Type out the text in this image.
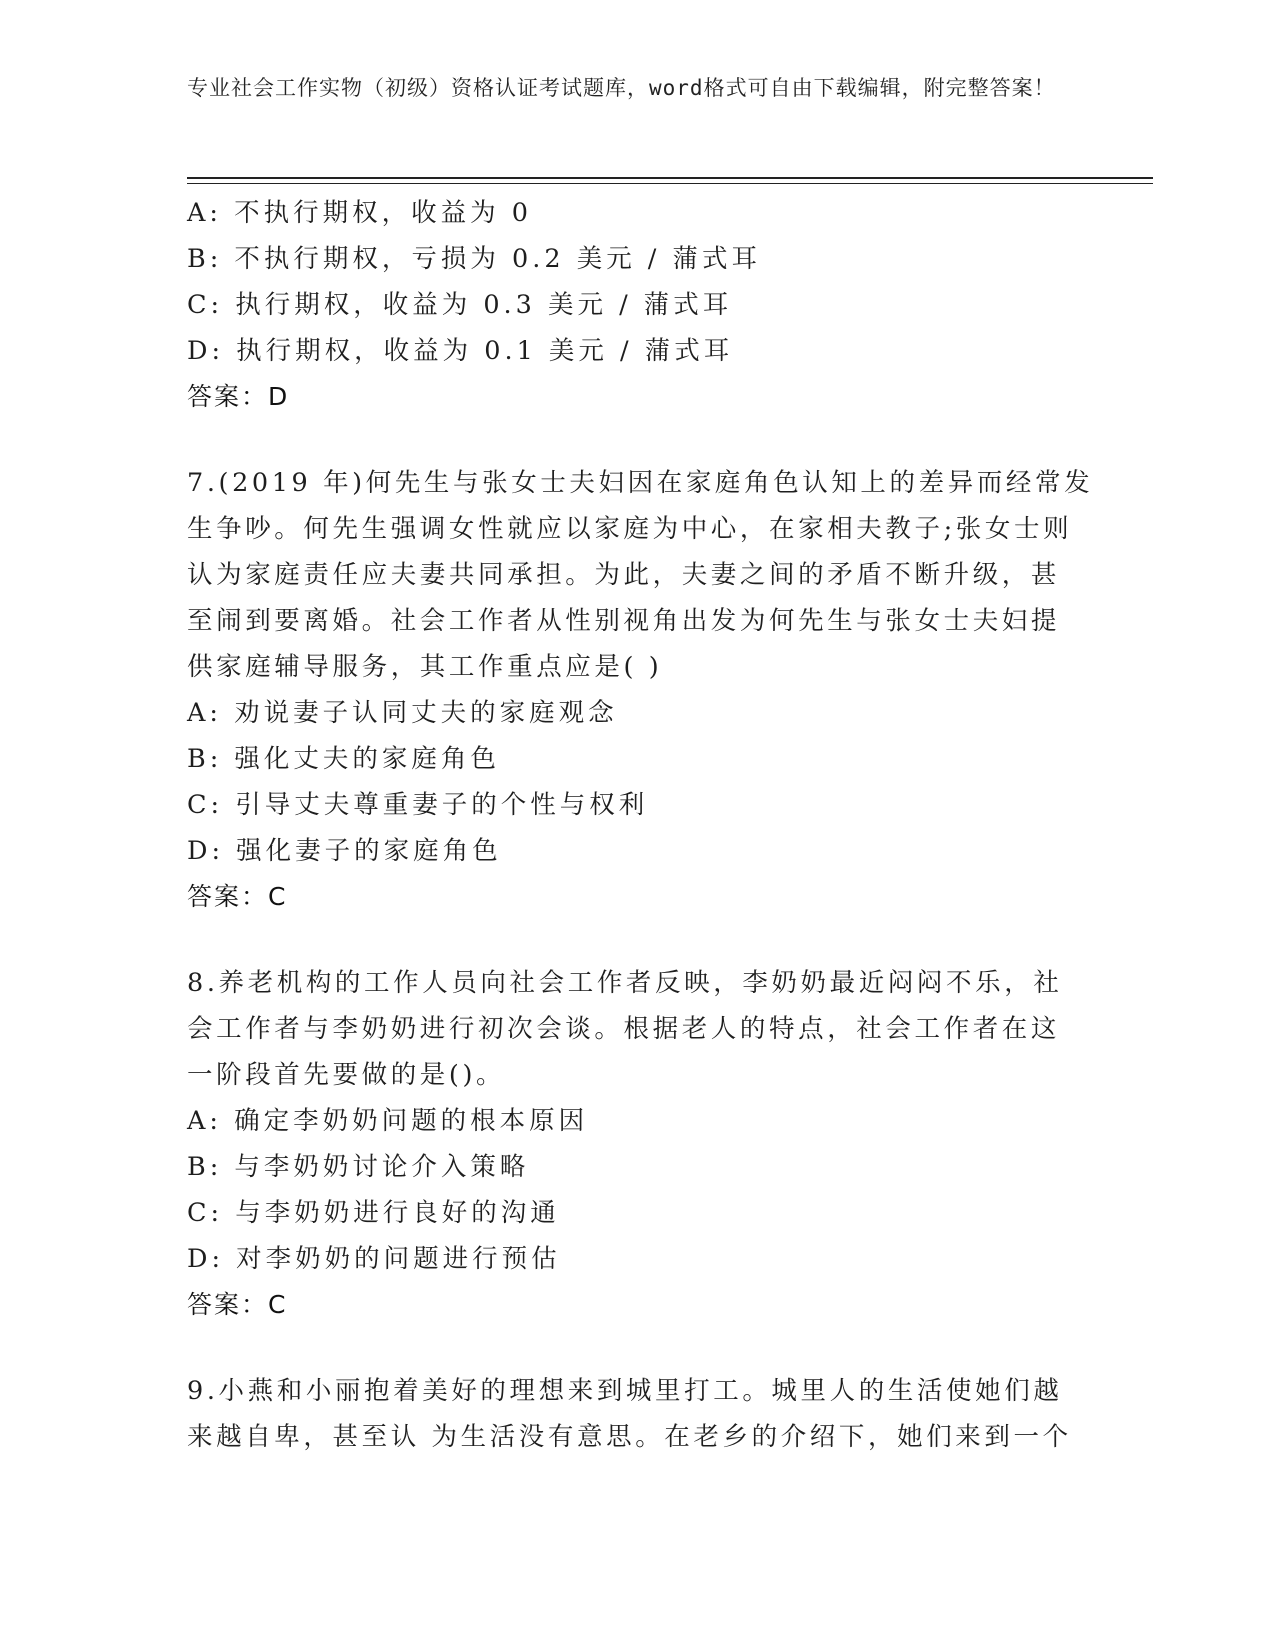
专业社会工作实物（初级）资格认证考试题库，word格式可自由下载编辑，附完整答案！
A: 不执行期权，收益为 0
B: 不执行期权，亏损为 0.2 美元 / 蒲式耳
C: 执行期权，收益为 0.3 美元 / 蒲式耳
D: 执行期权，收益为 0.1 美元 / 蒲式耳
答案：D
7.(2019 年)何先生与张女士夫妇因在家庭角色认知上的差异而经常发
生争吵。何先生强调女性就应以家庭为中心，在家相夫教子;张女士则
认为家庭责任应夫妻共同承担。为此，夫妻之间的矛盾不断升级，甚
至闹到要离婚。社会工作者从性别视角出发为何先生与张女士夫妇提
供家庭辅导服务，其工作重点应是( )
A: 劝说妻子认同丈夫的家庭观念
B: 强化丈夫的家庭角色
C: 引导丈夫尊重妻子的个性与权利
D: 强化妻子的家庭角色
答案：C
8.养老机构的工作人员向社会工作者反映，李奶奶最近闷闷不乐，社
会工作者与李奶奶进行初次会谈。根据老人的特点，社会工作者在这
一阶段首先要做的是()。
A: 确定李奶奶问题的根本原因
B: 与李奶奶讨论介入策略
C: 与李奶奶进行良好的沟通
D: 对李奶奶的问题进行预估
答案：C
9.小燕和小丽抱着美好的理想来到城里打工。城里人的生活使她们越
来越自卑，甚至认 为生活没有意思。在老乡的介绍下，她们来到一个
